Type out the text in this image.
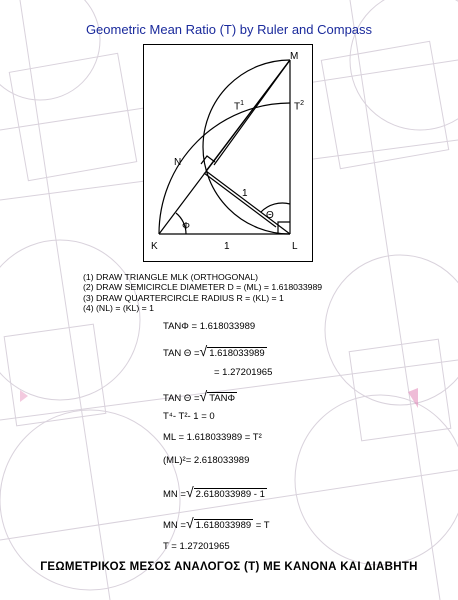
Geometric Mean Ratio (T) by Ruler and Compass
M
N
K	L
$T^1$	$T^2$
1
1
Φ
Θ
(1) DRAW TRIANGLE MLK (ORTHOGONAL)
(2) DRAW SEMICIRCLE DIAMETER D = (ML) = 1.618033989
(3) DRAW QUARTERCIRCLE RADIUS R = (KL) = 1
(4) (NL) = (KL) = 1
TANΦ = 1.618033989
TAN Θ =√ 1.618033989
= 1.27201965
TAN Θ =√ TANΦ
T⁴- T²- 1 = 0
ML = 1.618033989 = T²
(ML)²= 2.618033989
MN =√ 2.618033989 - 1
MN =√ 1.618033989 = T
T = 1.27201965
ΓΕΩΜΕΤΡΙΚΟΣ ΜΕΣΟΣ ΑΝΑΛΟΓΟΣ (Τ) ΜΕ ΚΑΝΟΝΑ ΚΑΙ ΔΙΑΒΗΤΗ
